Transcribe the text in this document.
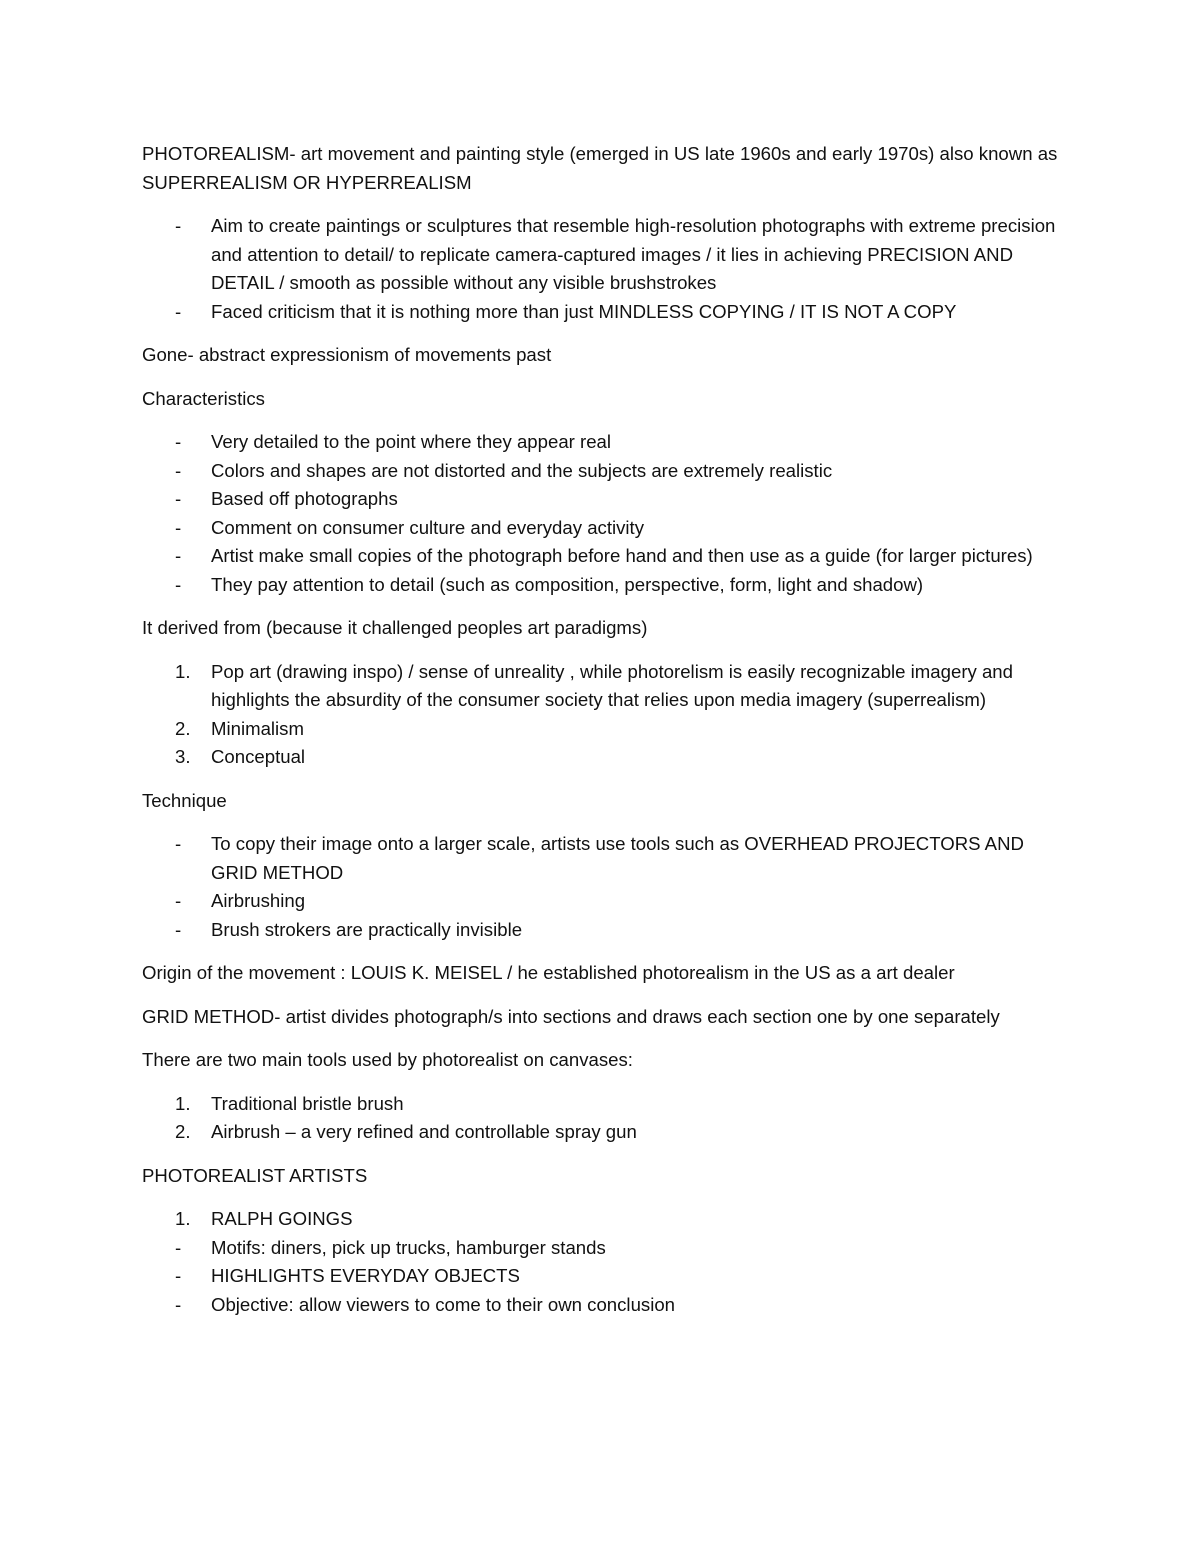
PHOTOREALISM- art movement and painting style (emerged in US late 1960s and early 1970s) also known as SUPERREALISM OR HYPERREALISM

-	Aim to create paintings or sculptures that resemble high-resolution photographs with extreme precision and attention to detail/ to replicate camera-captured images / it lies in achieving PRECISION AND DETAIL / smooth as possible without any visible brushstrokes
-	Faced criticism that it is nothing more than just MINDLESS COPYING / IT IS NOT A COPY

Gone- abstract expressionism of movements past

Characteristics

-	Very detailed to the point where they appear real
-	Colors and shapes are not distorted and the subjects are extremely realistic
-	Based off photographs
-	Comment on consumer culture and everyday activity
-	Artist make small copies of the photograph before hand and then use as a guide (for larger pictures)
-	They pay attention to detail (such as composition, perspective, form, light and shadow)

It derived from (because it challenged peoples art paradigms)

1.	Pop art (drawing inspo) / sense of unreality , while photorelism is easily recognizable imagery and highlights the absurdity of the consumer society that relies upon media imagery (superrealism)
2.	Minimalism
3.	Conceptual

Technique

-	To copy their image onto a larger scale, artists use tools such as OVERHEAD PROJECTORS AND GRID METHOD
-	Airbrushing
-	Brush strokers are practically invisible

Origin of the movement : LOUIS K. MEISEL / he established photorealism in the US as a art dealer

GRID METHOD- artist divides photograph/s into sections and draws each section one by one separately

There are two main tools used by photorealist on canvases:

1.	Traditional bristle brush
2.	Airbrush – a very refined and controllable spray gun

PHOTOREALIST ARTISTS

1.	RALPH GOINGS
-	Motifs: diners, pick up trucks, hamburger stands
-	HIGHLIGHTS EVERYDAY OBJECTS
-	Objective: allow viewers to come to their own conclusion
